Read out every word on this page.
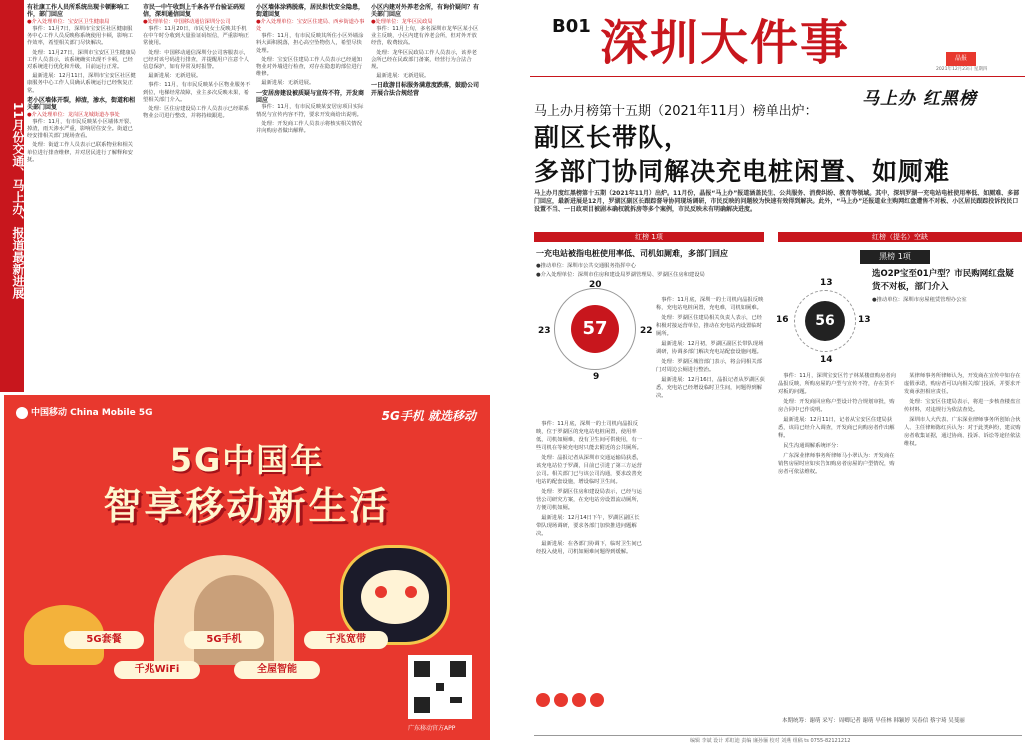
11月份交通、马上办、报道最新进展
有社康工作人员所系统出现卡顿影响工作，部门回应
●介入处理单位：宝安区卫生健康局

事件：11月7日，深圳市宝安区社区健康服务中心工作人员反映称系统使用卡顿，影响工作效率，希望相关部门尽快解决。

处理：11月27日，深圳市宝安区卫生健康局工作人员表示，该系统确实出现不卡顿，已经对系统进行优化和升级，目前运行正常。

最新进展：12月11日，深圳市宝安区社区健康服务中心工作人员确认系统运行已经恢复正常。

老小区墙体开裂，掉渣，渗水，街道和相关部门回复
●介入处理单位：龙岗区龙城街道办事处

事件：11月，有市民反映某小区墙体开裂、掉渣，雨天渗水严重，影响居住安全。街道已经安排相关部门现场查看。

处理：街道工作人员表示已联系物业和相关单位进行排查维修，并对居民进行了解释和安抚。

市民一中午收到上千条各平台验证码短信，深圳通信回复
●处理单位：中国移动通信深圳分公司

事件：11月20日，市民吴女士反映其手机在中午时分收到大量验证码短信，严重影响正常使用。

处理：中国移动通信深圳分公司客服表示，已经对该号码进行排查，并提醒用户注意个人信息保护，如有异常及时报警。

最新进展：无新进展。

事件：11月，有市民反映某小区物业服务不到位，电梯经常故障，业主多次反映未果，希望相关部门介入。

处理：区住房建设局工作人员表示已经联系物业公司进行整改，并将持续跟进。

小区墙体涂鸦脱落，居民担忧安全隐患，街道回复
●介入处理单位：宝安区住建局、西乡街道办事处

事件：11月，有市民反映其所住小区外墙涂料大面积脱落，担心高空坠物伤人，希望尽快处理。

处理：宝安区住建局工作人员表示已经通知物业对外墙进行检查，对存在隐患的部位进行维修。

最新进展：无新进展。

一安居房建设被质疑与宣传不符，开发商回应

事件：11月，有市民反映某安居房项目实际情况与宣传内容不符，要求开发商给出说明。

处理：开发商工作人员表示将核实相关情况并向购房者做出解释。

小区内建对外养老会所，有询价疑问？有关部门回应
●处理单位：龙华区民政局

事件：11月上旬，多名深圳市龙华区某小区业主反映，小区内建有养老会所，但对外开放经营，收费较高。

处理：龙华区民政局工作人员表示，该养老会所已经在民政部门备案，经营行为合法合规。

最新进展：无新进展。

一日政游目标服务满意度跌落，鼓励公司开展合法合规经营
中国移动 China Mobile 5G	5G手机 就选移动
5G中国年
智享移动新生活
5G套餐	5G手机	千兆宽带
千兆WiFi	全屋智能
广东移动官方APP
B01 深圳大件事	晶报
2021年12月23日 星期四
马上办 红黑榜
马上办月榜第十五期（2021年11月）榜单出炉：
副区长带队，
多部门协同解决充电桩闲置、如厕难
马上办月度红黑榜第十五期（2021年11月）出炉。11月份，晶报“马上办”报道涵盖民生、公共服务、消费纠纷、教育等领域。其中，深圳罗湖一充电站电桩使用率低、如厕难、多部门回应，最新进展是12月，罗湖区副区长跟踪督导协同现场调研，市民反映的问题较为快速有效得到解决。此外，“马上办”还报道业主购网红盘遭售不对板、小区居民跟踪投诉找民口设置不当、一日政项目被剧本确权就拆房等多个案例，市民反映未有明确解决进度。
红榜 1项	红榜（提名）空缺
一充电站被指电桩使用率低、司机如厕难，多部门回应
●推动单位：深圳市公共交通服务指挥中心
●介入处理单位：深圳市住房和建设局罗湖管理局、罗湖区住房和建设局
57
20
23	22
9

事件：11月底，深圳一的士司机向晶报反映，位于罗湖区的充电站电桩闲置，使用率低，司机如厕难，没有卫生间可供使用，有一些司机在等候充电时只能去附近的公共厕所。

处理：晶报记者从深圳市交通运输局获悉，该充电站位于罗湖，目前已引进了第三方运营公司。相关部门已与该公司沟通，要求改善充电站的配套设施，增设临时卫生间。

处理：罗湖区住房和建设局表示，已经与运营公司研究方案，在充电站旁设置流动厕所，方便司机如厕。

最新进展：12月14日下午，罗湖区副区长带队现场调研，要求各部门加快推进问题解决。

最新进展：在各部门协调下，临时卫生间已经投入使用，司机如厕难问题得到缓解。

事件：11月底，深圳一的士司机向晶报反映称，充电站电桩闲置，充电难，司机如厕难。

处理：罗湖区住建局相关负责人表示，已经积极对接运营单位，推动在充电站内设置临时厕所。

最新进展：12月初，罗湖区副区长带队现场调研，协调多部门解决充电站配套设施问题。

处理：罗湖区城管部门表示，将会同相关部门对周边公厕进行整治。

最新进展：12月16日，晶报记者从罗湖区获悉，充电站已经增设临时卫生间，问题得到解决。

黑榜 1项
选O2P宝至01户型？市民购网红盘疑货不对板，部门介入
●推动单位：深圳市房屋租赁管理办公室
56
13
16	13
14

事件：11月，深圳宝安区竹子林某楼盘购房者向晶报反映，所购房屋的户型与宣传不符，存在货不对板的问题。

处理：开发商回应称户型设计符合规划审批，购房合同中已作说明。

最新进展：12月11日，记者从宝安区住建局获悉，该局已经介入调查，开发商已向购房者作出解释。

民生沟通调解系统评分：

广东深业律师事务所律师马小翠认为：开发商在销售房屋时应如实告知购房者房屋的户型情况，购房者可依法维权。

某律师事务所律师认为，开发商在宣传中如存在虚假承诺，购房者可以向相关部门投诉，并要求开发商承担相应责任。

处理：宝安区住建局表示，将进一步核查楼盘宣传材料，对违规行为依法查处。

深圳市人大代表、广东深业律师事务所创始合伙人、主任律师陈红兵认为：对于此类纠纷，建议购房者收集证据，通过协商、投诉、诉讼等途径依法维权。

本期统筹：谢萌 采写：周卿记者 谢萌 早佳林 韩颖婷 吴春信 蔡宇琦 吴斐丽
编辑 李斌 设计 邓虹迪 责编 廉孙骊 校对 刘燕 组稿 ts 0755-82121212
